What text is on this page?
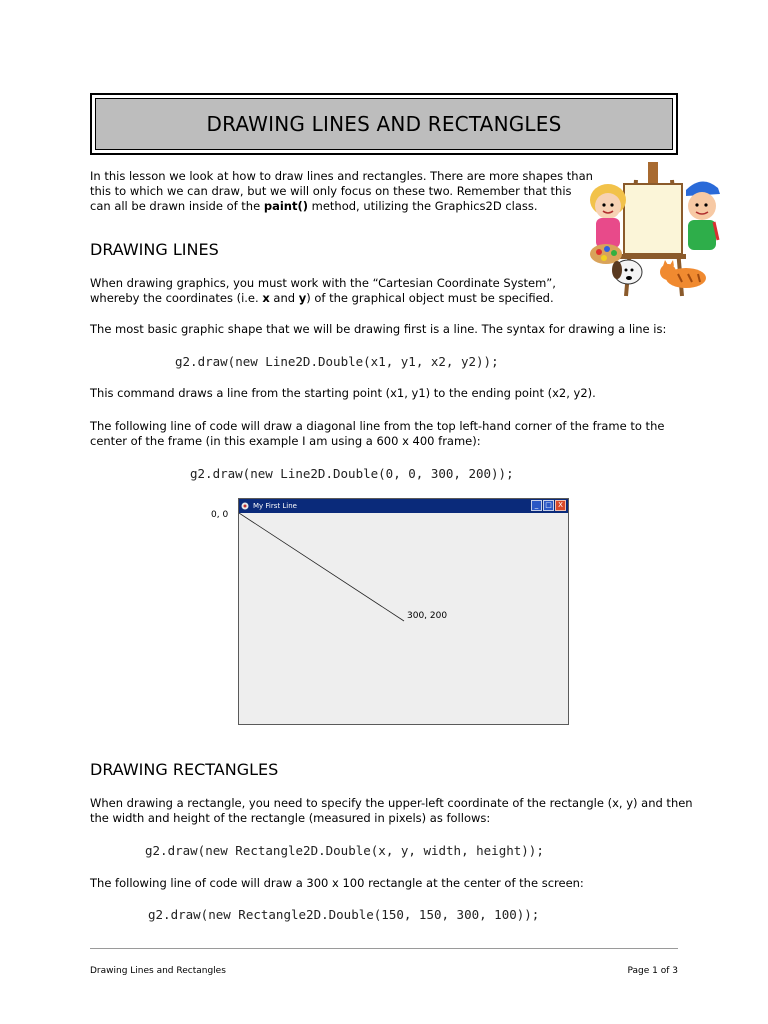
DRAWING LINES AND RECTANGLES
In this lesson we look at how to draw lines and rectangles. There are more shapes than
this to which we can draw, but we will only focus on these two. Remember that this
can all be drawn inside of the paint() method, utilizing the Graphics2D class.
DRAWING LINES
When drawing graphics, you must work with the “Cartesian Coordinate System”,
whereby the coordinates (i.e. x and y) of the graphical object must be specified.
The most basic graphic shape that we will be drawing first is a line. The syntax for drawing a line is:
g2.draw(new Line2D.Double(x1, y1, x2, y2));
This command draws a line from the starting point (x1, y1) to the ending point (x2, y2).
The following line of code will draw a diagonal line from the top left-hand corner of the frame to the
center of the frame (in this example I am using a 600 x 400 frame):
g2.draw(new Line2D.Double(0, 0, 300, 200));
0, 0
My First Line	_ □ X
300, 200
DRAWING RECTANGLES
When drawing a rectangle, you need to specify the upper-left coordinate of the rectangle (x, y) and then
the width and height of the rectangle (measured in pixels) as follows:
g2.draw(new Rectangle2D.Double(x, y, width, height));
The following line of code will draw a 300 x 100 rectangle at the center of the screen:
g2.draw(new Rectangle2D.Double(150, 150, 300, 100));
Drawing Lines and Rectangles	Page 1 of 3
